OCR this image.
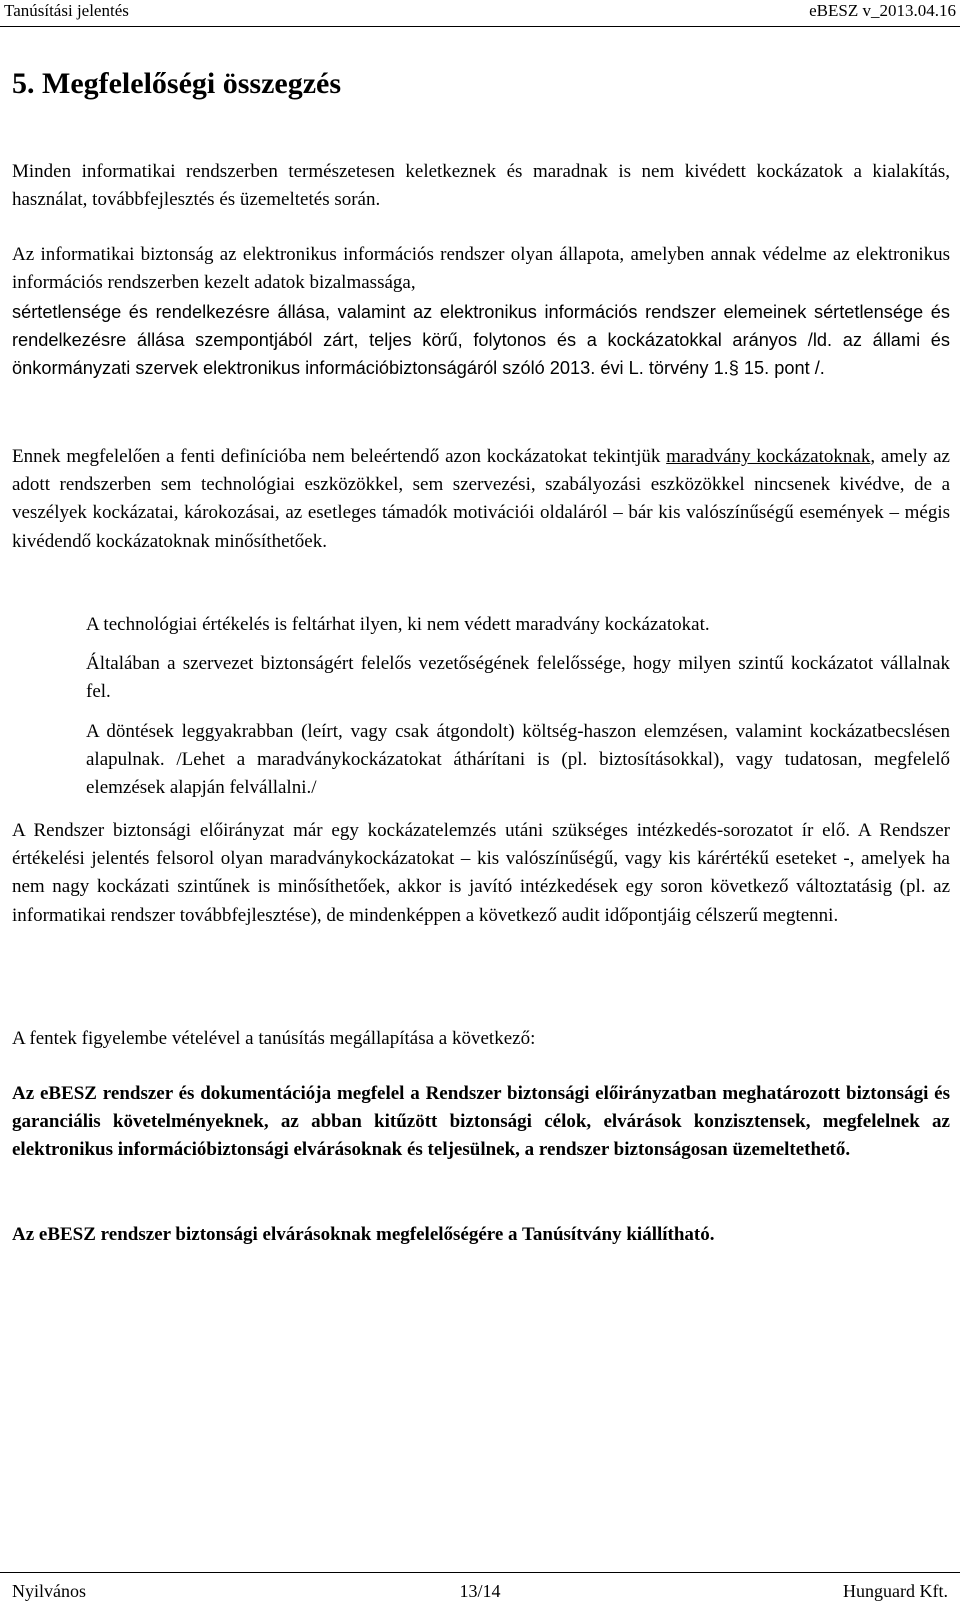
Tanúsítási jelentés	eBESZ v_2013.04.16
5. Megfelelőségi összegzés

Minden informatikai rendszerben természetesen keletkeznek és maradnak is nem kivédett kockázatok a kialakítás, használat, továbbfejlesztés és üzemeltetés során.

Az informatikai biztonság az elektronikus információs rendszer olyan állapota, amelyben annak védelme az elektronikus információs rendszerben kezelt adatok bizalmassága,

sértetlensége és rendelkezésre állása, valamint az elektronikus információs rendszer elemeinek sértetlensége és rendelkezésre állása szempontjából zárt, teljes körű, folytonos és a kockázatokkal arányos /ld. az állami és önkormányzati szervek elektronikus információbiztonságáról szóló 2013. évi L. törvény 1.§ 15. pont /.

Ennek megfelelően a fenti definícióba nem beleértendő azon kockázatokat tekintjük maradvány kockázatoknak, amely az adott rendszerben sem technológiai eszközökkel, sem szervezési, szabályozási eszközökkel nincsenek kivédve, de a veszélyek kockázatai, károkozásai, az esetleges támadók motivációi oldaláról – bár kis valószínűségű események – mégis kivédendő kockázatoknak minősíthetőek.

A technológiai értékelés is feltárhat ilyen, ki nem védett maradvány kockázatokat.

Általában a szervezet biztonságért felelős vezetőségének felelőssége, hogy milyen szintű kockázatot vállalnak fel.

A döntések leggyakrabban (leírt, vagy csak átgondolt) költség-haszon elemzésen, valamint kockázatbecslésen alapulnak. /Lehet a maradványkockázatokat áthárítani is (pl. biztosításokkal), vagy tudatosan, megfelelő elemzések alapján felvállalni./

A Rendszer biztonsági előirányzat már egy kockázatelemzés utáni szükséges intézkedés-sorozatot ír elő. A Rendszer értékelési jelentés felsorol olyan maradványkockázatokat – kis valószínűségű, vagy kis kárértékű eseteket -, amelyek ha nem nagy kockázati szintűnek is minősíthetőek, akkor is javító intézkedések egy soron következő változtatásig (pl. az informatikai rendszer továbbfejlesztése), de mindenképpen a következő audit időpontjáig célszerű megtenni.

A fentek figyelembe vételével a tanúsítás megállapítása a következő:

Az eBESZ rendszer és dokumentációja megfelel a Rendszer biztonsági előirányzatban meghatározott biztonsági és garanciális követelményeknek, az abban kitűzött biztonsági célok, elvárások konzisztensek, megfelelnek az elektronikus információbiztonsági elvárásoknak és teljesülnek, a rendszer biztonságosan üzemeltethető.

Az eBESZ rendszer biztonsági elvárásoknak megfelelőségére a Tanúsítvány kiállítható.

Nyilvános	13/14	Hunguard Kft.
